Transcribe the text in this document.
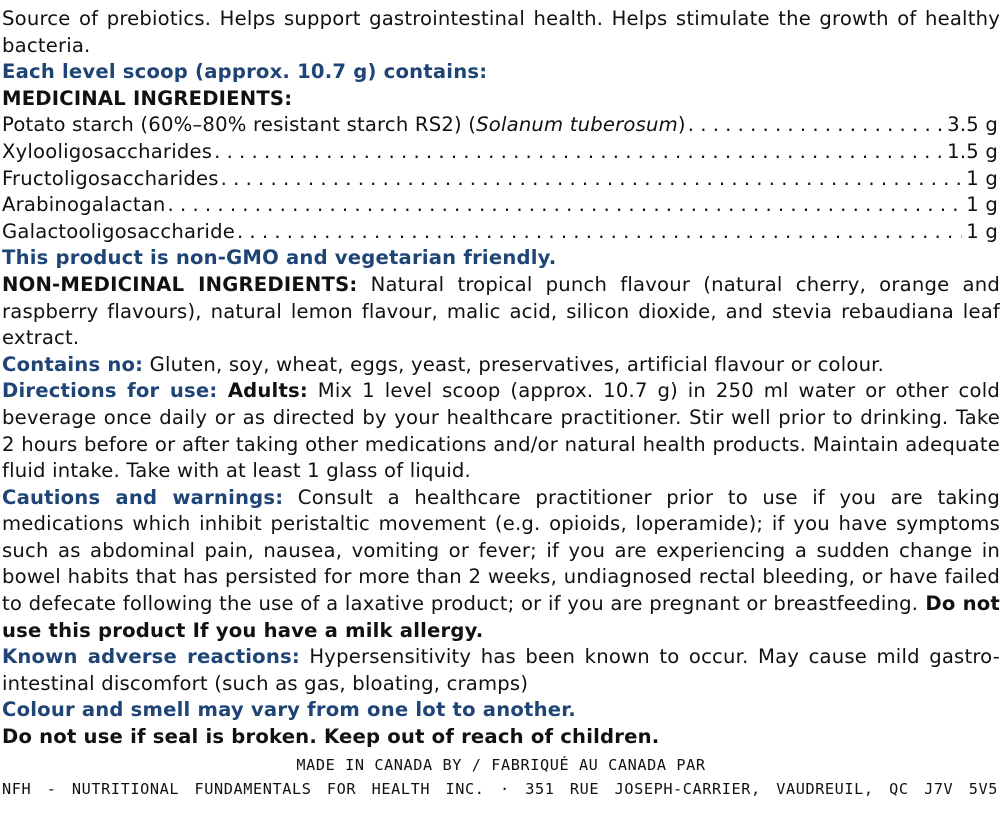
Source of prebiotics. Helps support gastrointestinal health. Helps stimulate the growth of healthy bacteria.

Each level scoop (approx. 10.7 g) contains:

MEDICINAL INGREDIENTS:

Potato starch (60%–80% resistant starch RS2) (Solanum tuberosum) . . .	3.5 g
Xylooligosaccharides . . .	1.5 g
Fructoligosaccharides . . .	1 g
Arabinogalactan . . .	1 g
Galactooligosaccharide . . .	1 g

This product is non-GMO and vegetarian friendly.

NON-MEDICINAL INGREDIENTS: Natural tropical punch flavour (natural cherry, orange and raspberry flavours), natural lemon flavour, malic acid, silicon dioxide, and stevia rebaudiana leaf extract.

Contains no: Gluten, soy, wheat, eggs, yeast, preservatives, artificial flavour or colour.

Directions for use: Adults: Mix 1 level scoop (approx. 10.7 g) in 250 ml water or other cold beverage once daily or as directed by your healthcare practitioner. Stir well prior to drinking. Take 2 hours before or after taking other medications and/or natural health products. Maintain adequate fluid intake. Take with at least 1 glass of liquid.

Cautions and warnings: Consult a healthcare practitioner prior to use if you are taking medications which inhibit peristaltic movement (e.g. opioids, loperamide); if you have symptoms such as abdominal pain, nausea, vomiting or fever; if you are experiencing a sudden change in bowel habits that has persisted for more than 2 weeks, undiagnosed rectal bleeding, or have failed to defecate following the use of a laxative product; or if you are pregnant or breastfeeding. Do not use this product If you have a milk allergy.

Known adverse reactions: Hypersensitivity has been known to occur. May cause mild gastro-intestinal discomfort (such as gas, bloating, cramps)

Colour and smell may vary from one lot to another.

Do not use if seal is broken. Keep out of reach of children.

MADE IN CANADA BY / FABRIQUÉ AU CANADA PAR
NFH - NUTRITIONAL FUNDAMENTALS FOR HEALTH INC. · 351 RUE JOSEPH-CARRIER, VAUDREUIL, QC J7V 5V5
